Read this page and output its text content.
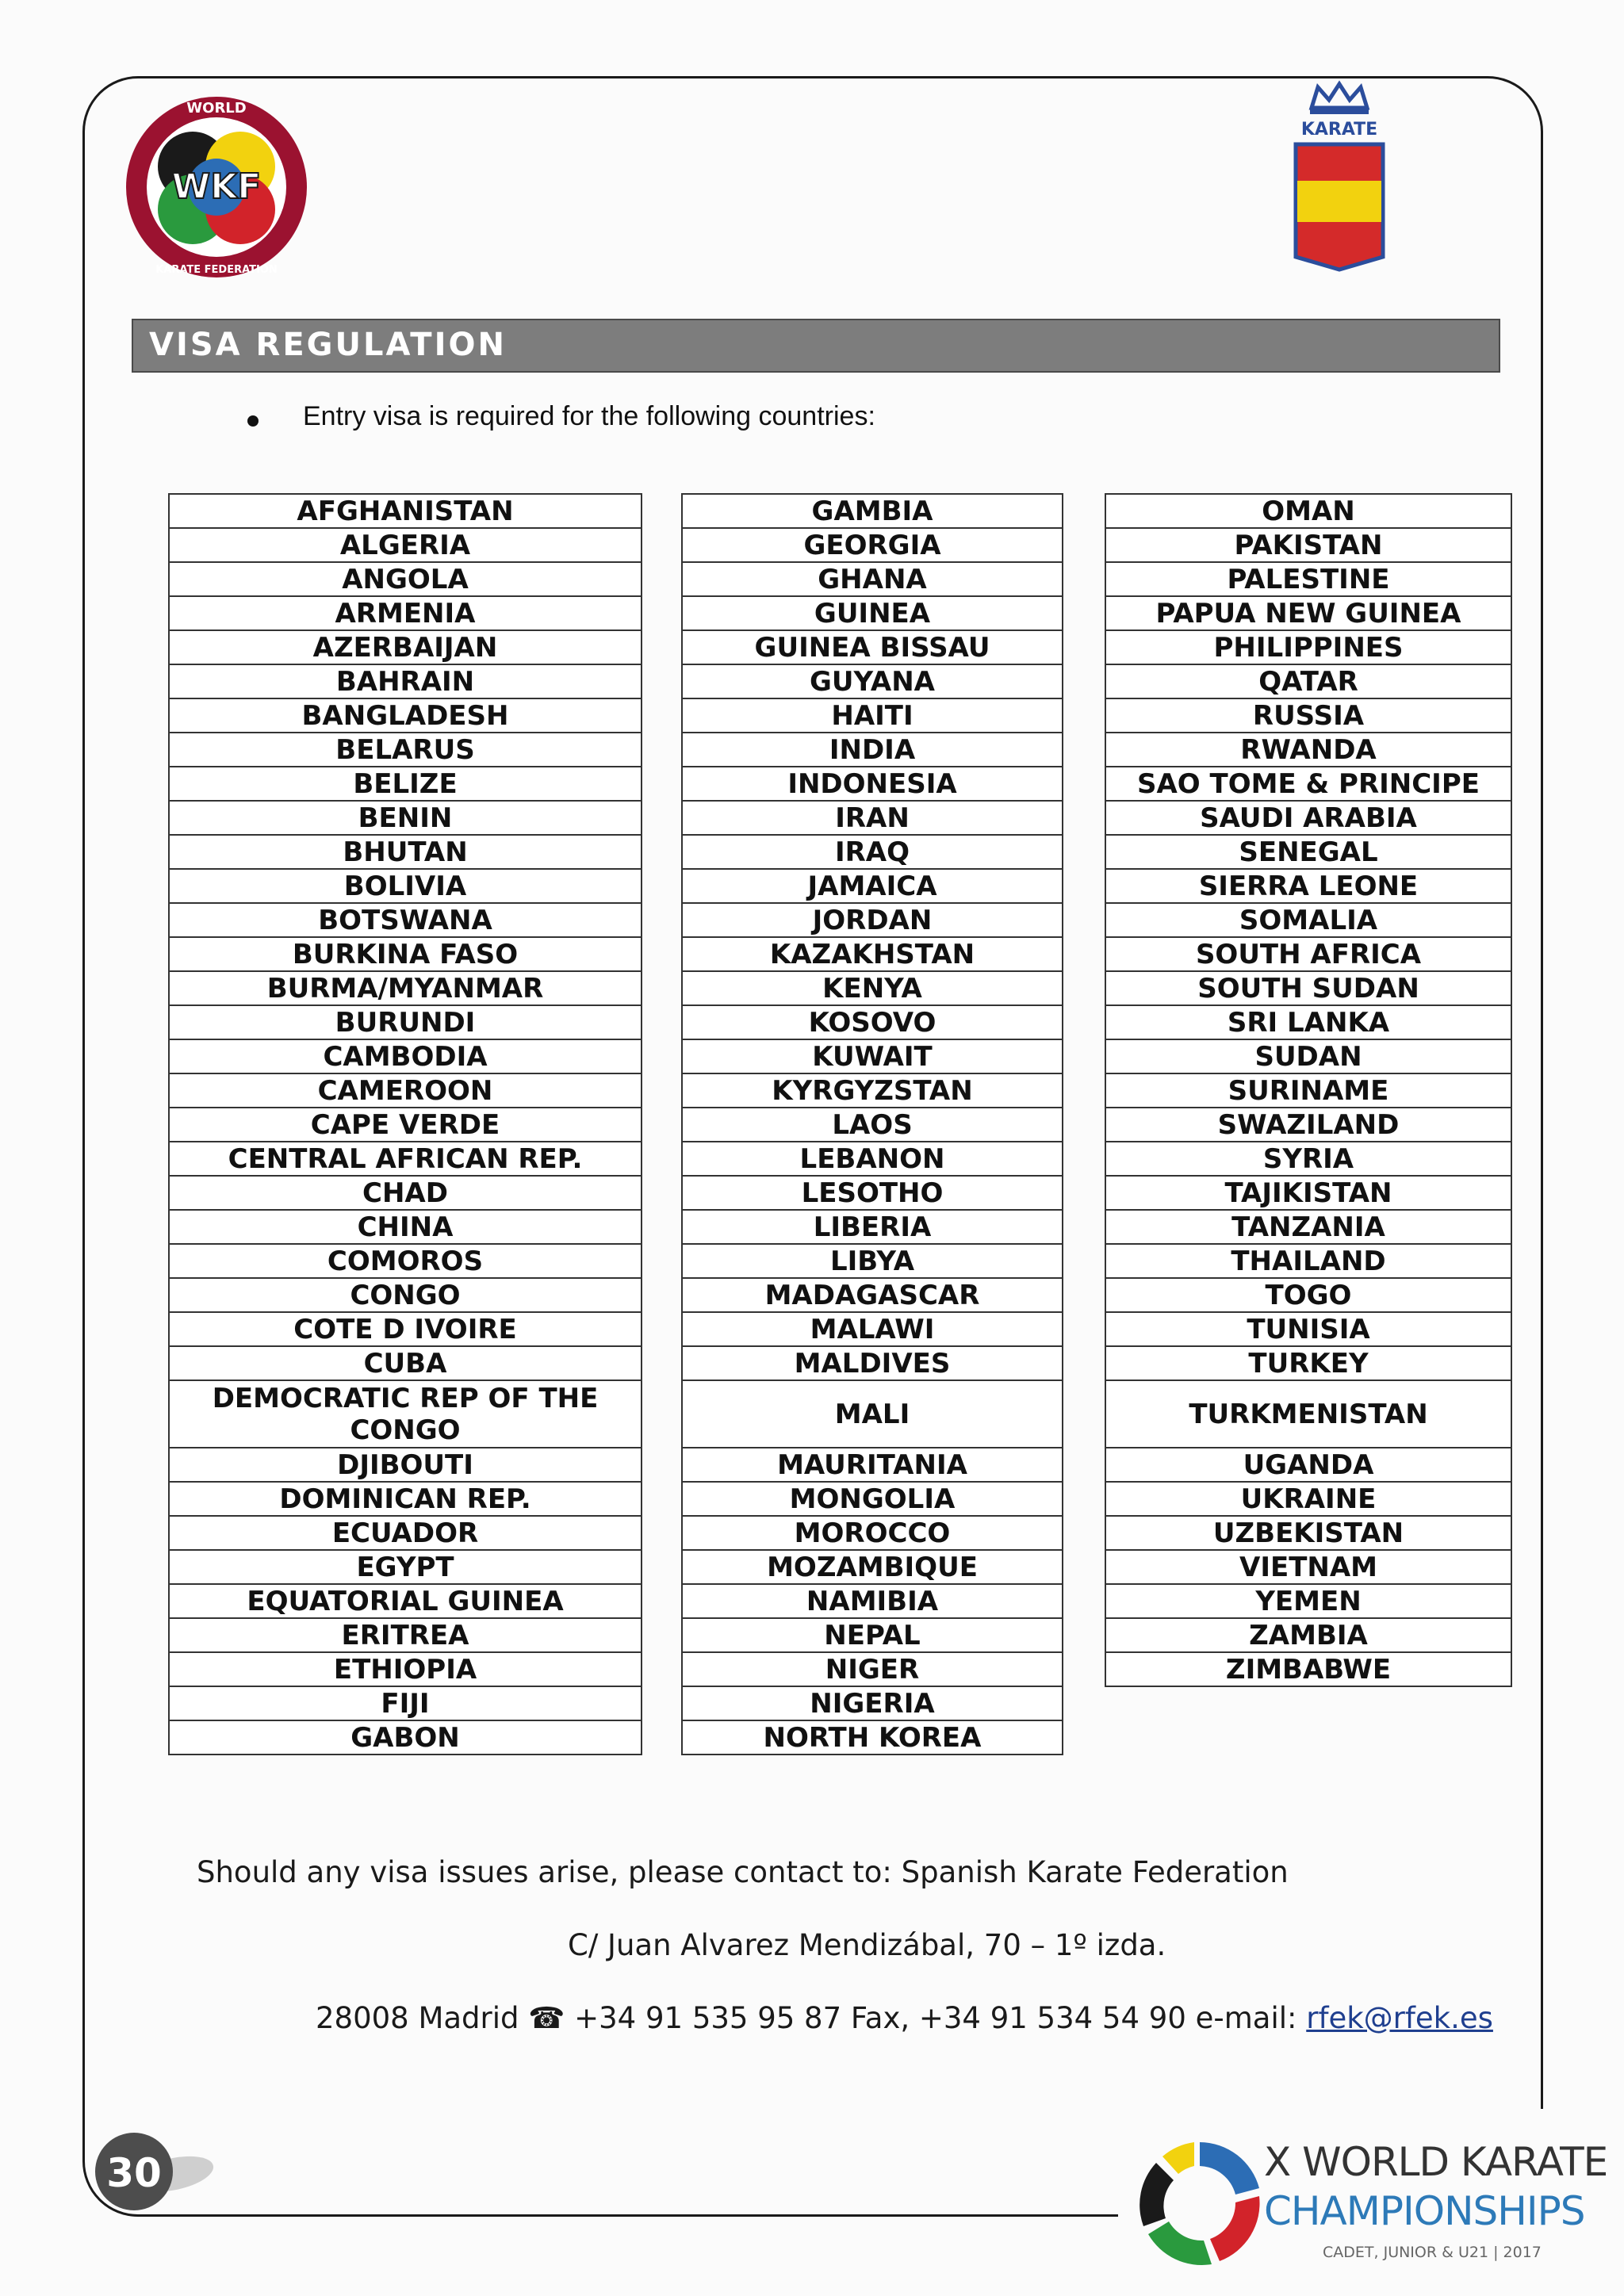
WKF
WORLD
KARATE FEDERATION
KARATE
VISA REGULATION
Entry visa is required for the following countries:
AFGHANISTAN
ALGERIA
ANGOLA
ARMENIA
AZERBAIJAN
BAHRAIN
BANGLADESH
BELARUS
BELIZE
BENIN
BHUTAN
BOLIVIA
BOTSWANA
BURKINA FASO
BURMA/MYANMAR
BURUNDI
CAMBODIA
CAMEROON
CAPE VERDE
CENTRAL AFRICAN REP.
CHAD
CHINA
COMOROS
CONGO
COTE D IVOIRE
CUBA
DEMOCRATIC REP OF THE CONGO
DJIBOUTI
DOMINICAN REP.
ECUADOR
EGYPT
EQUATORIAL GUINEA
ERITREA
ETHIOPIA
FIJI
GABON
GAMBIA
GEORGIA
GHANA
GUINEA
GUINEA BISSAU
GUYANA
HAITI
INDIA
INDONESIA
IRAN
IRAQ
JAMAICA
JORDAN
KAZAKHSTAN
KENYA
KOSOVO
KUWAIT
KYRGYZSTAN
LAOS
LEBANON
LESOTHO
LIBERIA
LIBYA
MADAGASCAR
MALAWI
MALDIVES
MALI
MAURITANIA
MONGOLIA
MOROCCO
MOZAMBIQUE
NAMIBIA
NEPAL
NIGER
NIGERIA
NORTH KOREA
OMAN
PAKISTAN
PALESTINE
PAPUA NEW GUINEA
PHILIPPINES
QATAR
RUSSIA
RWANDA
SAO TOME & PRINCIPE
SAUDI ARABIA
SENEGAL
SIERRA LEONE
SOMALIA
SOUTH AFRICA
SOUTH SUDAN
SRI LANKA
SUDAN
SURINAME
SWAZILAND
SYRIA
TAJIKISTAN
TANZANIA
THAILAND
TOGO
TUNISIA
TURKEY
TURKMENISTAN
UGANDA
UKRAINE
UZBEKISTAN
VIETNAM
YEMEN
ZAMBIA
ZIMBABWE
Should any visa issues arise, please contact to: Spanish Karate Federation
C/ Juan Alvarez Mendizábal, 70 – 1º izda.
28008 Madrid ☎ +34 91 535 95 87 Fax, +34 91 534 54 90 e-mail: rfek@rfek.es
30	X WORLD KARATE
CHAMPIONSHIPS
CADET, JUNIOR & U21 | 2017
